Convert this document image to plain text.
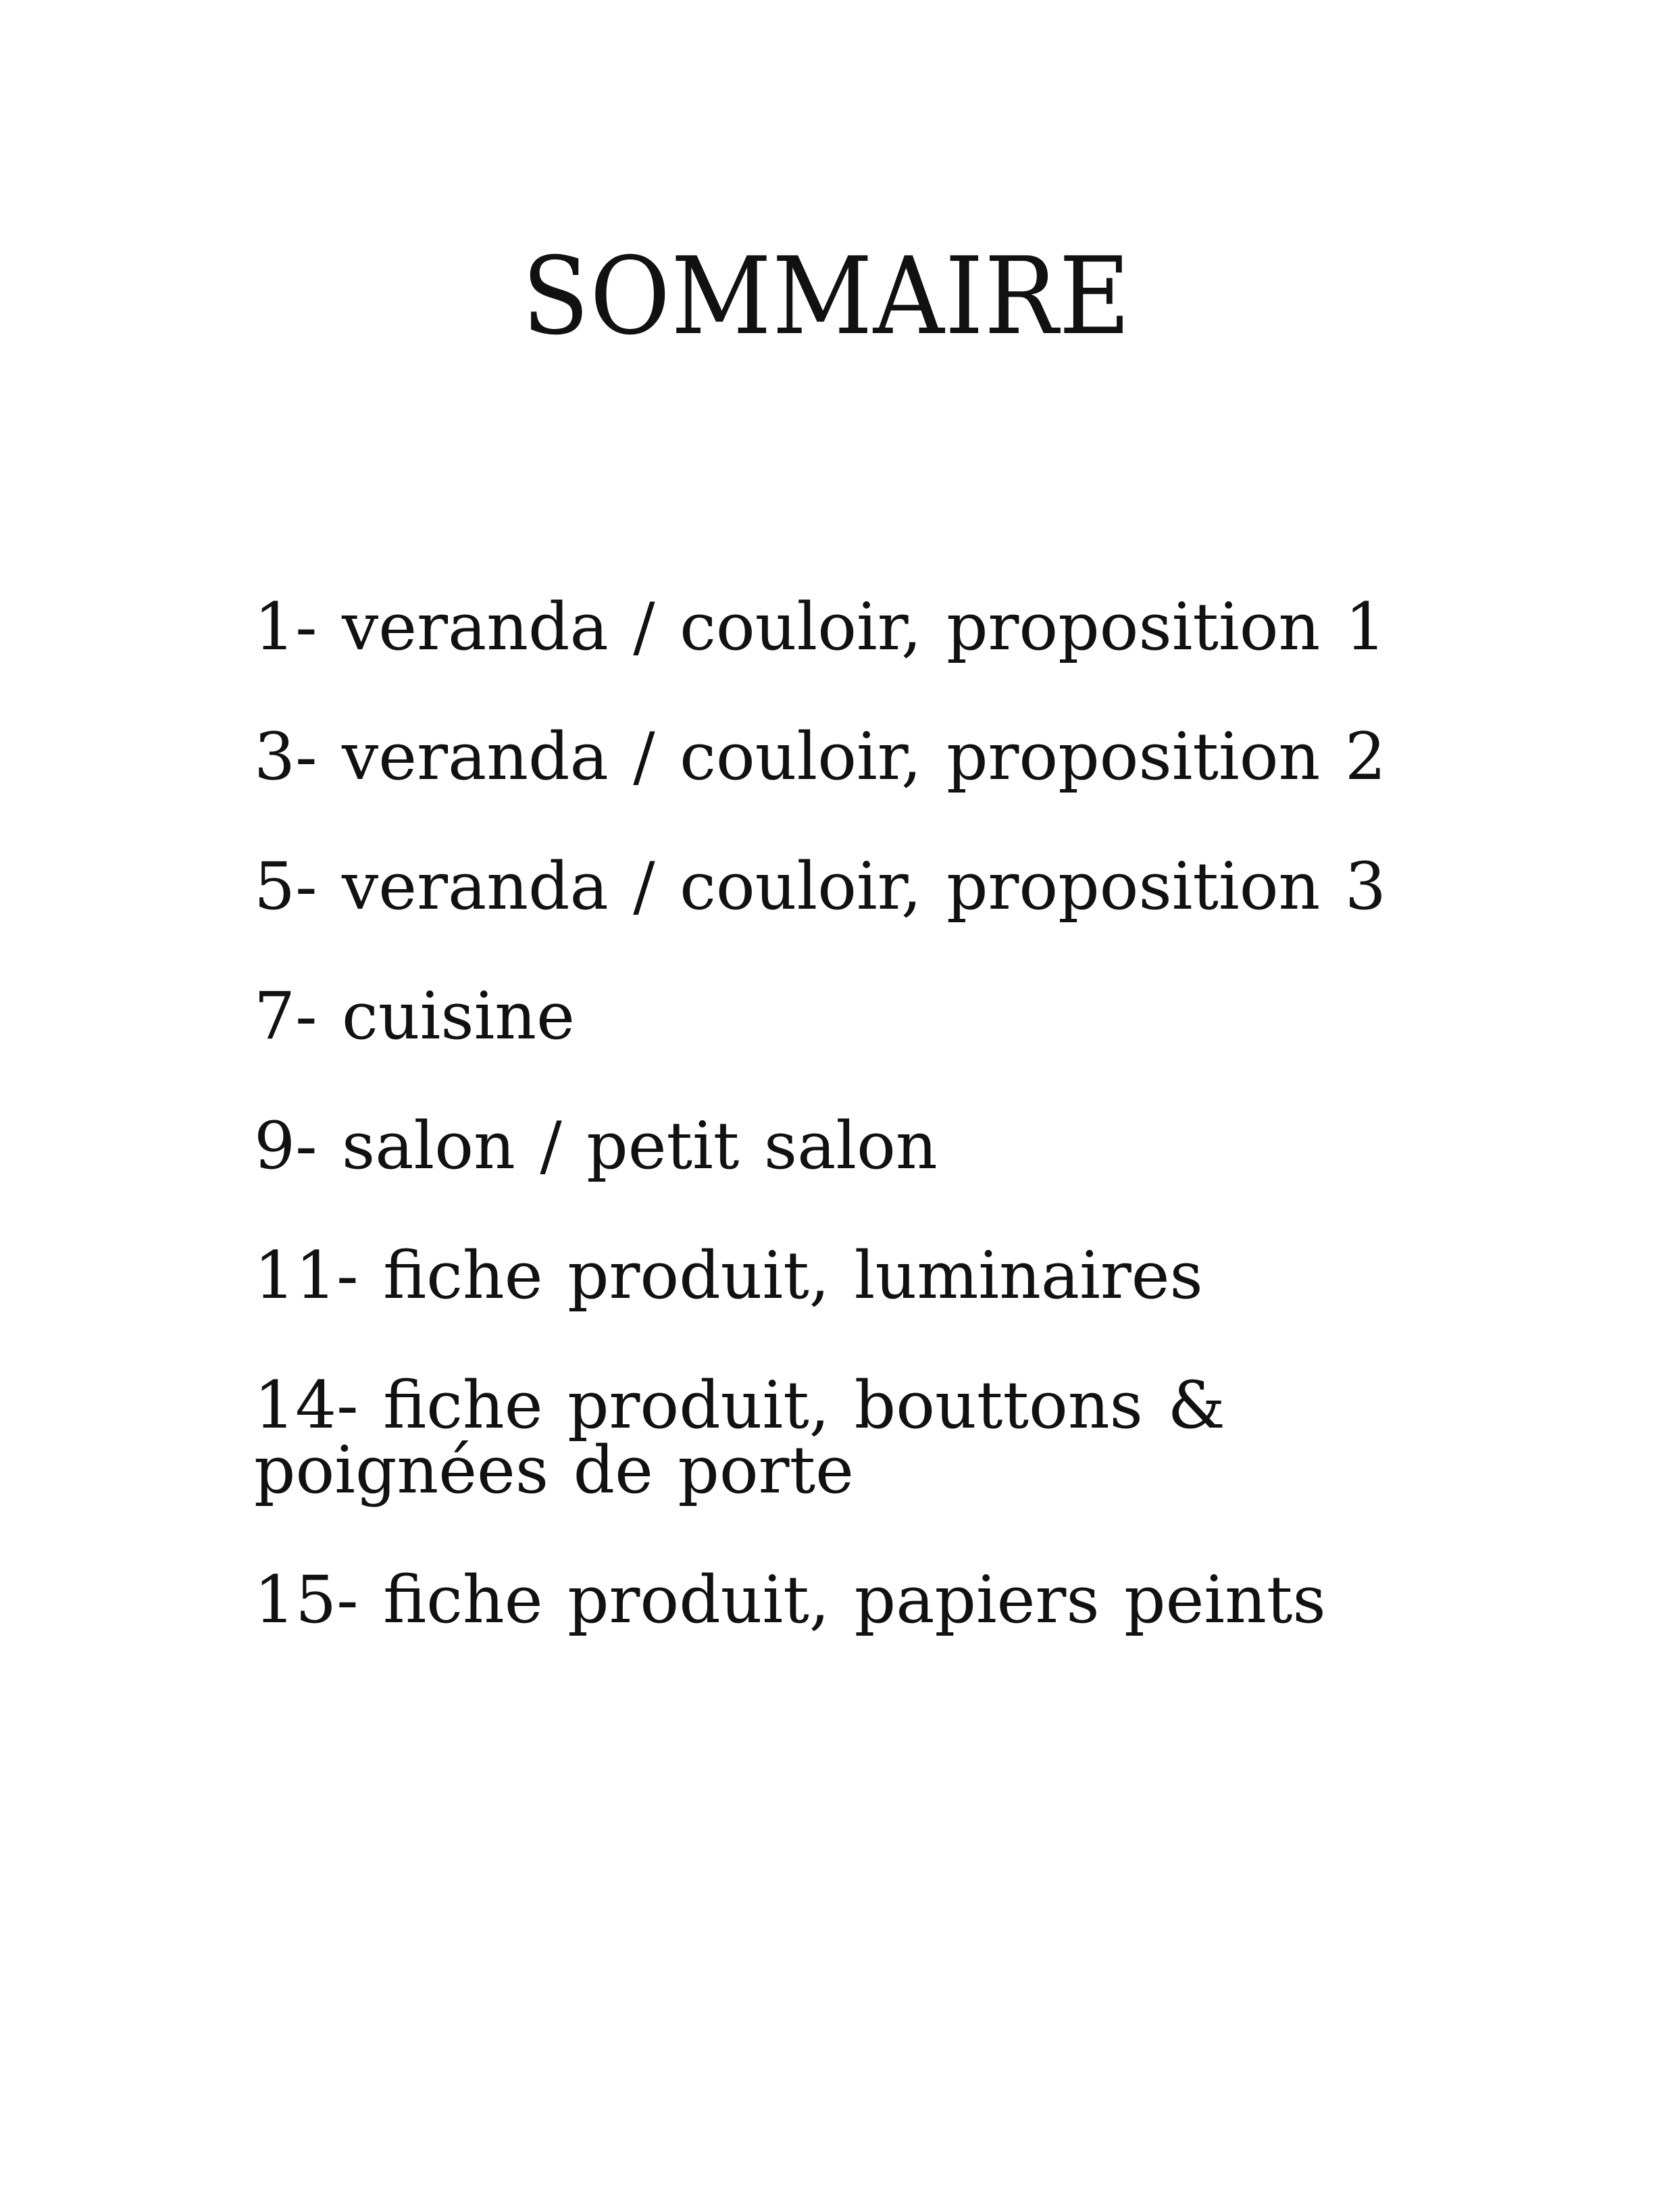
SOMMAIRE
1- veranda / couloir, proposition 1
3- veranda / couloir, proposition 2
5- veranda / couloir, proposition 3
7- cuisine
9- salon / petit salon
11- fiche produit, luminaires
14- fiche produit, bouttons & poignées de porte
15- fiche produit, papiers peints
